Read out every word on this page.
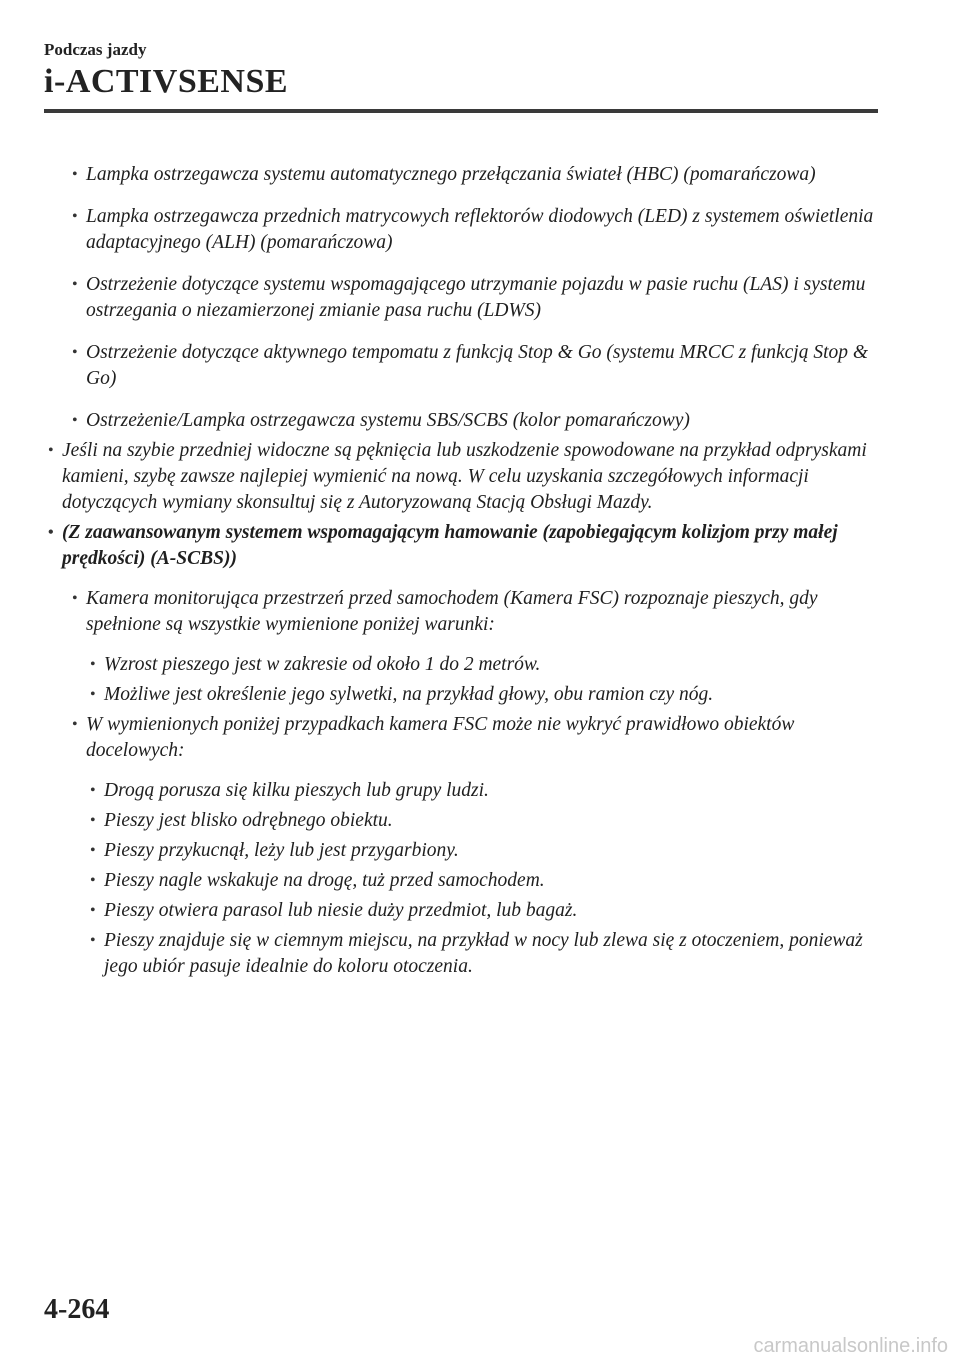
Podczas jazdy
i-ACTIVSENSE
• Lampka ostrzegawcza systemu automatycznego przełączania świateł (HBC) (pomarańczowa)
• Lampka ostrzegawcza przednich matrycowych reflektorów diodowych (LED) z systemem oświetlenia adaptacyjnego (ALH) (pomarańczowa)
• Ostrzeżenie dotyczące systemu wspomagającego utrzymanie pojazdu w pasie ruchu (LAS) i systemu ostrzegania o niezamierzonej zmianie pasa ruchu (LDWS)
• Ostrzeżenie dotyczące aktywnego tempomatu z funkcją Stop & Go (systemu MRCC z funkcją Stop & Go)
• Ostrzeżenie/Lampka ostrzegawcza systemu SBS/SCBS (kolor pomarańczowy)
• Jeśli na szybie przedniej widoczne są pęknięcia lub uszkodzenie spowodowane na przykład odpryskami kamieni, szybę zawsze najlepiej wymienić na nową. W celu uzyskania szczegółowych informacji dotyczących wymiany skonsultuj się z Autoryzowaną Stacją Obsługi Mazdy.
• (Z zaawansowanym systemem wspomagającym hamowanie (zapobiegającym kolizjom przy małej prędkości) (A-SCBS))
• Kamera monitorująca przestrzeń przed samochodem (Kamera FSC) rozpoznaje pieszych, gdy spełnione są wszystkie wymienione poniżej warunki:
• Wzrost pieszego jest w zakresie od około 1 do 2 metrów.
• Możliwe jest określenie jego sylwetki, na przykład głowy, obu ramion czy nóg.
• W wymienionych poniżej przypadkach kamera FSC może nie wykryć prawidłowo obiektów docelowych:
• Drogą porusza się kilku pieszych lub grupy ludzi.
• Pieszy jest blisko odrębnego obiektu.
• Pieszy przykucnął, leży lub jest przygarbiony.
• Pieszy nagle wskakuje na drogę, tuż przed samochodem.
• Pieszy otwiera parasol lub niesie duży przedmiot, lub bagaż.
• Pieszy znajduje się w ciemnym miejscu, na przykład w nocy lub zlewa się z otoczeniem, ponieważ jego ubiór pasuje idealnie do koloru otoczenia.
4-264
carmanualsonline.info
